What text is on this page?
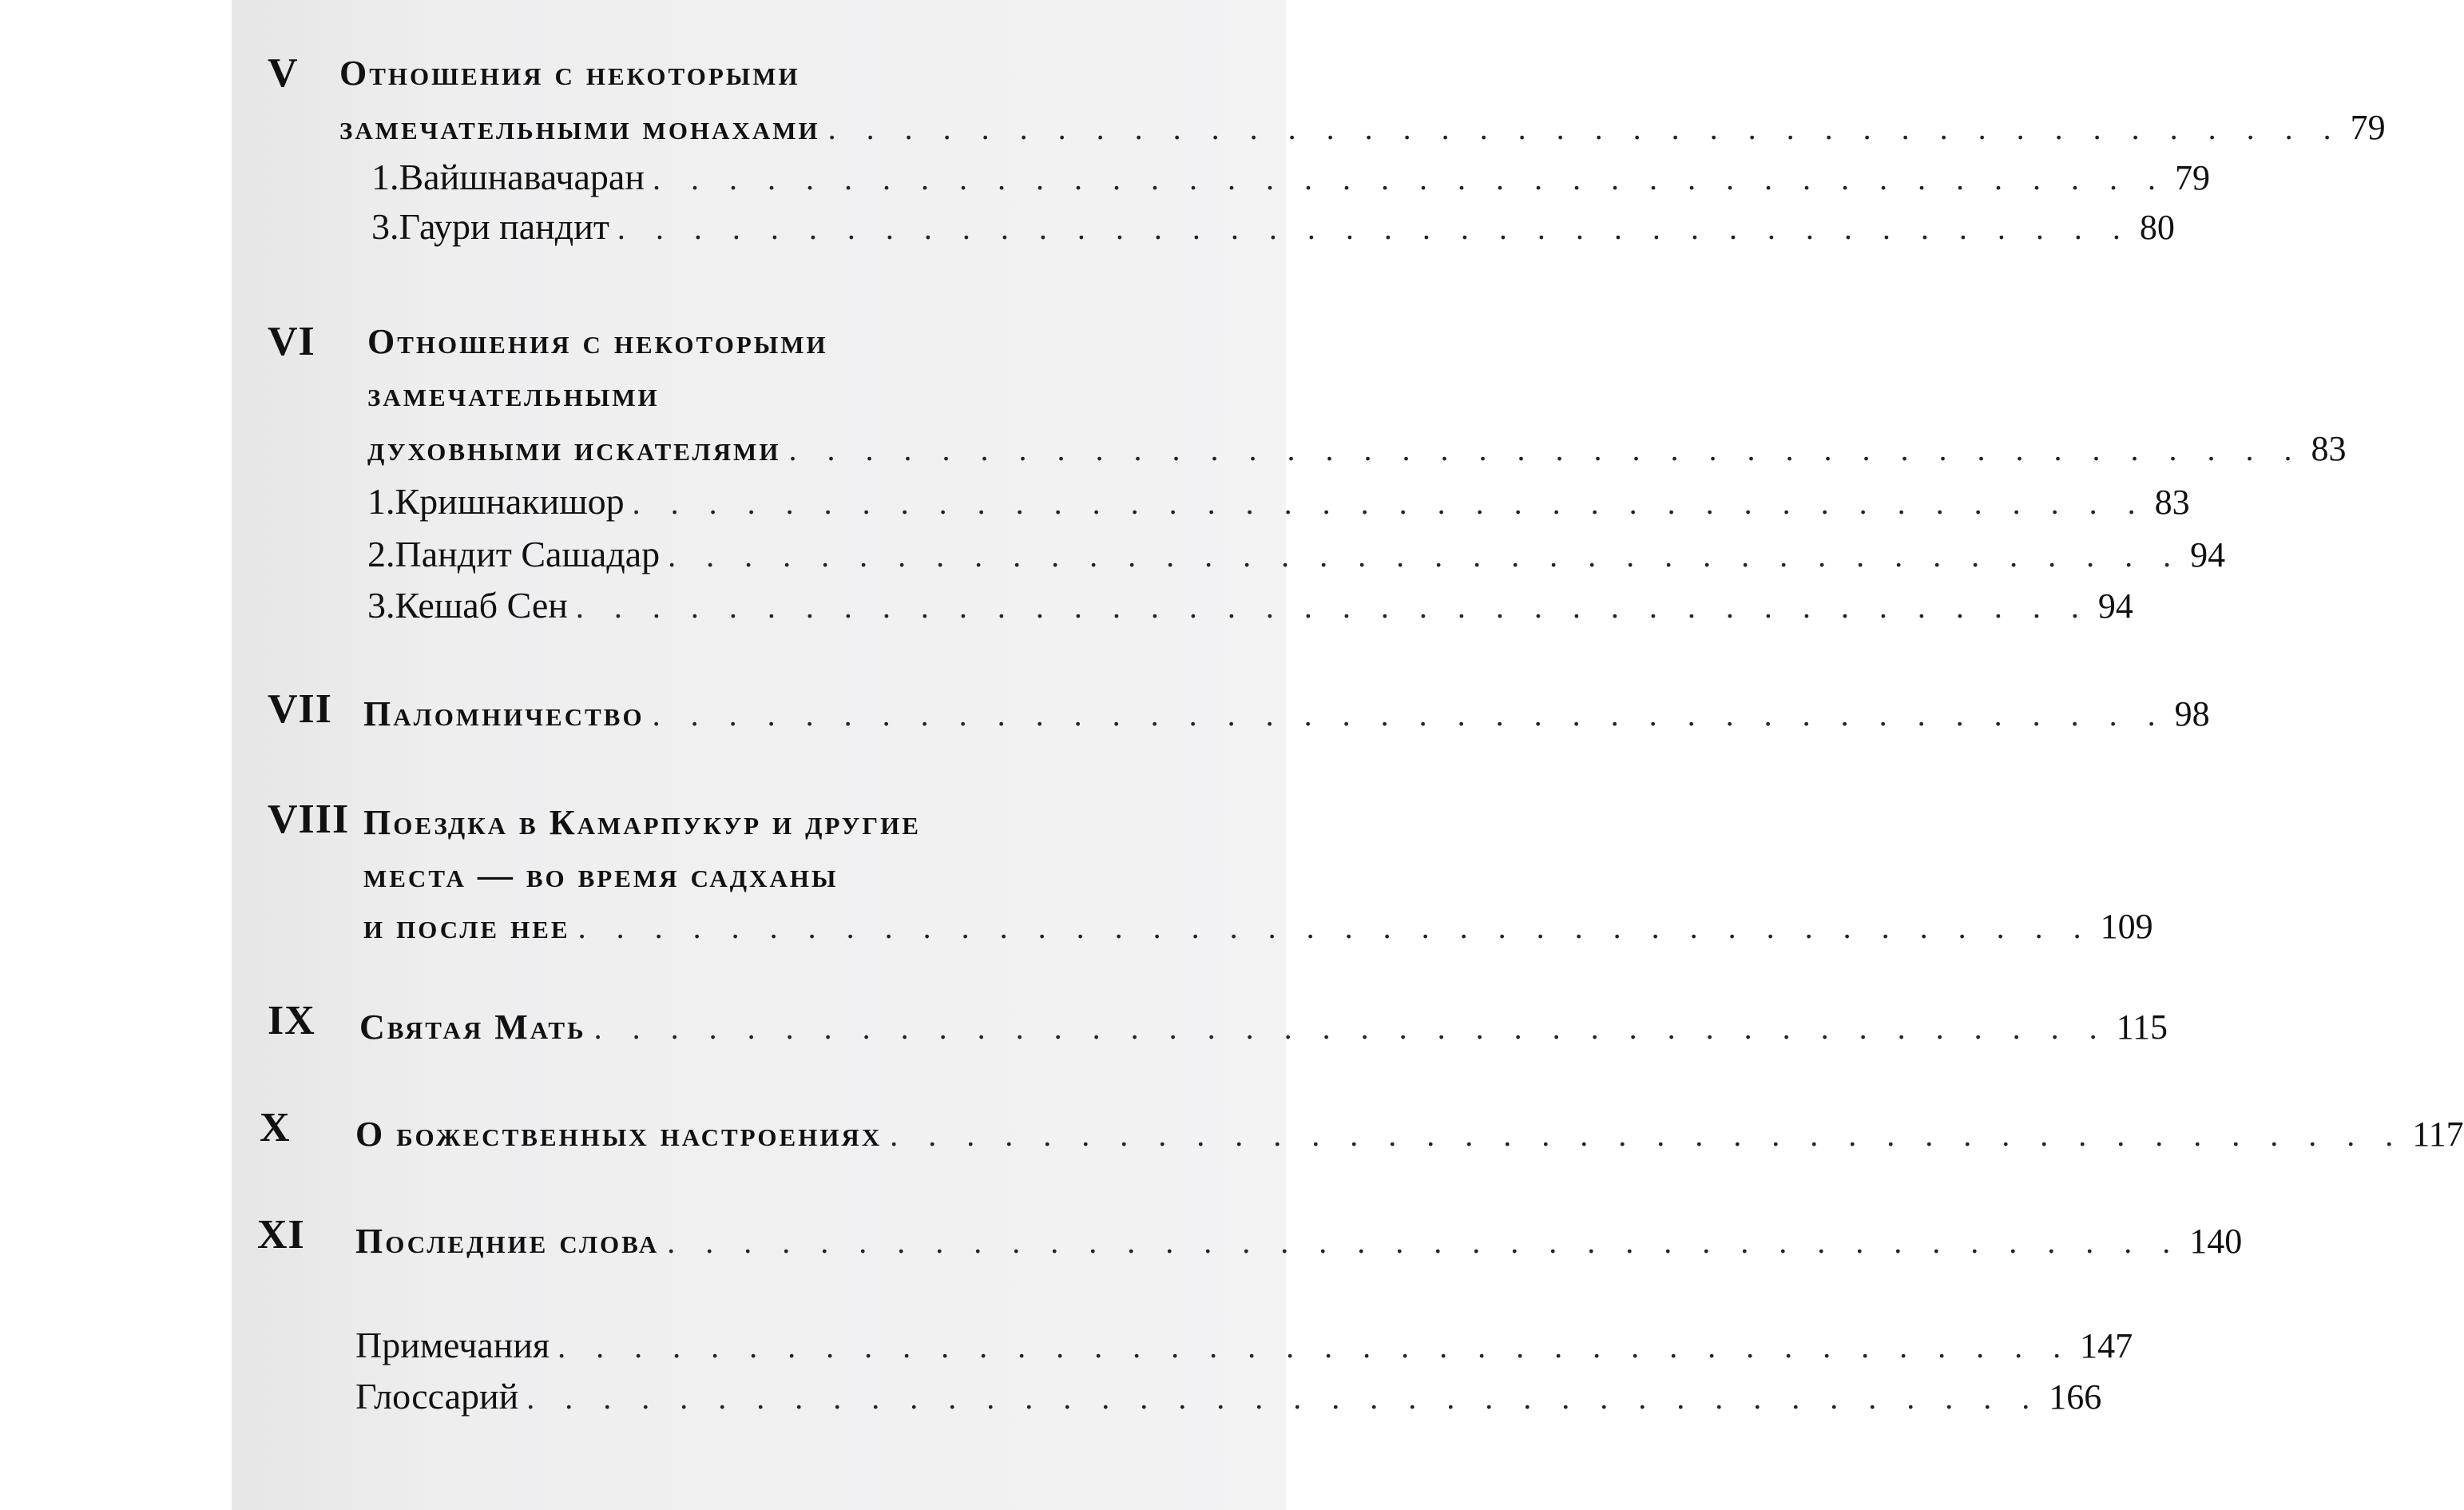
V Отношения с некоторыми
замечательными монахами . . . . . . . . . . . . . . . . . . . . . . . . . . . . . . . . . . . . . . . . 79
1. Вайшнавачаран . . . . . . . . . . . . . . . . . . . . . . . . . . . . . . . . . . . . . . . . 79
3. Гаури пандит . . . . . . . . . . . . . . . . . . . . . . . . . . . . . . . . . . . . . . . . 80
VI Отношения с некоторыми
замечательными
духовными искателями . . . . . . . . . . . . . . . . . . . . . . . . . . . . . . . . . . . . . . . . 83
1. Кришнакишор . . . . . . . . . . . . . . . . . . . . . . . . . . . . . . . . . . . . . . . . 83
2. Пандит Сашадар . . . . . . . . . . . . . . . . . . . . . . . . . . . . . . . . . . . . . . . . 94
3. Кешаб Сен . . . . . . . . . . . . . . . . . . . . . . . . . . . . . . . . . . . . . . . . 94
VII Паломничество . . . . . . . . . . . . . . . . . . . . . . . . . . . . . . . . . . . . . . . . 98
VIII Поездка в Камарпукур и другие
места — во время садханы
и после нее . . . . . . . . . . . . . . . . . . . . . . . . . . . . . . . . . . . . . . . . 109
IX Святая Мать . . . . . . . . . . . . . . . . . . . . . . . . . . . . . . . . . . . . . . . . 115
X О божественных настроениях . . . . . . . . . . . . . . . . . . . . . . . . . . . . . . . . . . . . . . . . 117
XI Последние слова . . . . . . . . . . . . . . . . . . . . . . . . . . . . . . . . . . . . . . . . 140
Примечания . . . . . . . . . . . . . . . . . . . . . . . . . . . . . . . . . . . . . . . . 147
Глоссарий . . . . . . . . . . . . . . . . . . . . . . . . . . . . . . . . . . . . . . . . 166
